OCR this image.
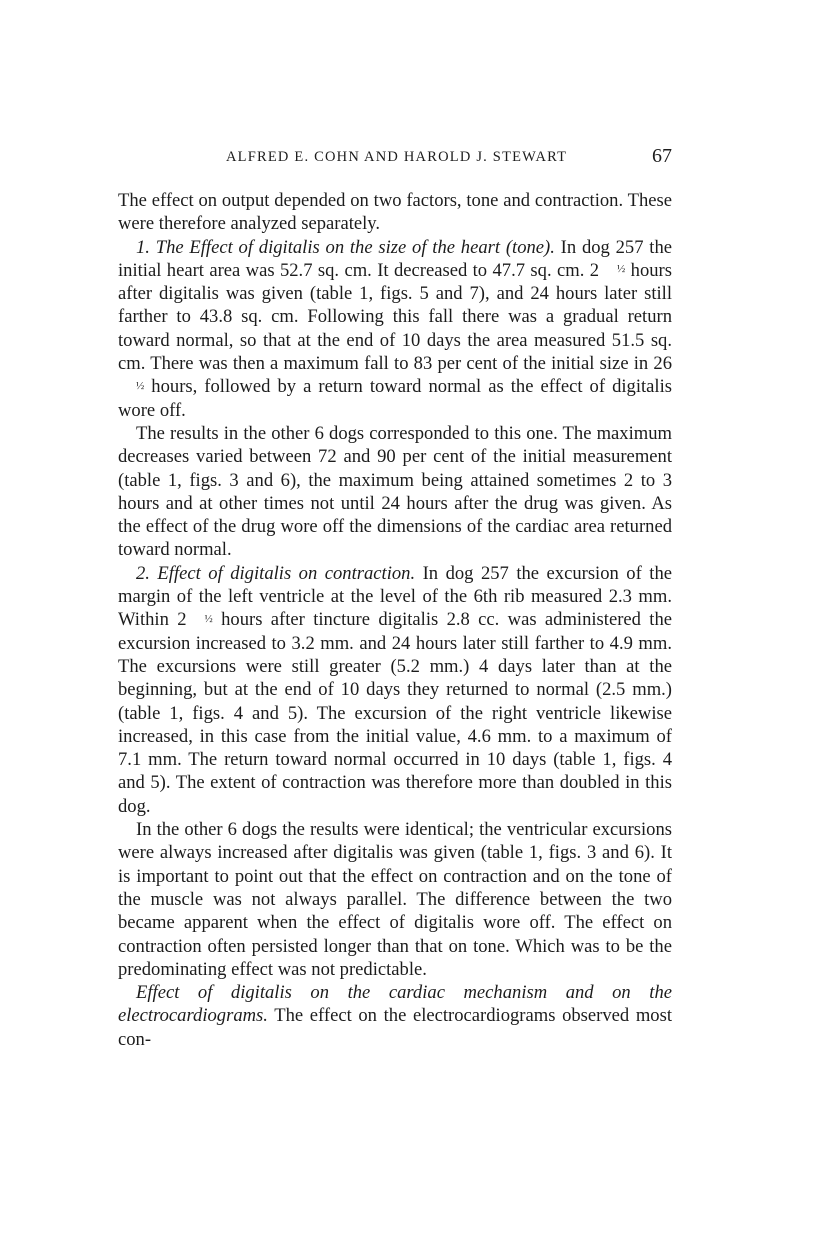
ALFRED E. COHN AND HAROLD J. STEWART	67

The effect on output depended on two factors, tone and contraction. These were therefore analyzed separately.

1. The Effect of digitalis on the size of the heart (tone). In dog 257 the initial heart area was 52.7 sq. cm. It decreased to 47.7 sq. cm. 2 ½ hours after digitalis was given (table 1, figs. 5 and 7), and 24 hours later still farther to 43.8 sq. cm. Following this fall there was a gradual return toward normal, so that at the end of 10 days the area measured 51.5 sq. cm. There was then a maximum fall to 83 per cent of the initial size in 26½ hours, followed by a return toward normal as the effect of digitalis wore off.

The results in the other 6 dogs corresponded to this one. The maximum decreases varied between 72 and 90 per cent of the initial measurement (table 1, figs. 3 and 6), the maximum being attained sometimes 2 to 3 hours and at other times not until 24 hours after the drug was given. As the effect of the drug wore off the dimensions of the cardiac area returned toward normal.

2. Effect of digitalis on contraction. In dog 257 the excursion of the margin of the left ventricle at the level of the 6th rib measured 2.3 mm. Within 2 ½ hours after tincture digitalis 2.8 cc. was administered the excursion increased to 3.2 mm. and 24 hours later still farther to 4.9 mm. The excursions were still greater (5.2 mm.) 4 days later than at the beginning, but at the end of 10 days they returned to normal (2.5 mm.) (table 1, figs. 4 and 5). The excursion of the right ventricle likewise increased, in this case from the initial value, 4.6 mm. to a maximum of 7.1 mm. The return toward normal occurred in 10 days (table 1, figs. 4 and 5). The extent of contraction was therefore more than doubled in this dog.

In the other 6 dogs the results were identical; the ventricular excursions were always increased after digitalis was given (table 1, figs. 3 and 6). It is important to point out that the effect on contraction and on the tone of the muscle was not always parallel. The difference between the two became apparent when the effect of digitalis wore off. The effect on contraction often persisted longer than that on tone. Which was to be the predominating effect was not predictable.

Effect of digitalis on the cardiac mechanism and on the electrocardiograms. The effect on the electrocardiograms observed most con-
